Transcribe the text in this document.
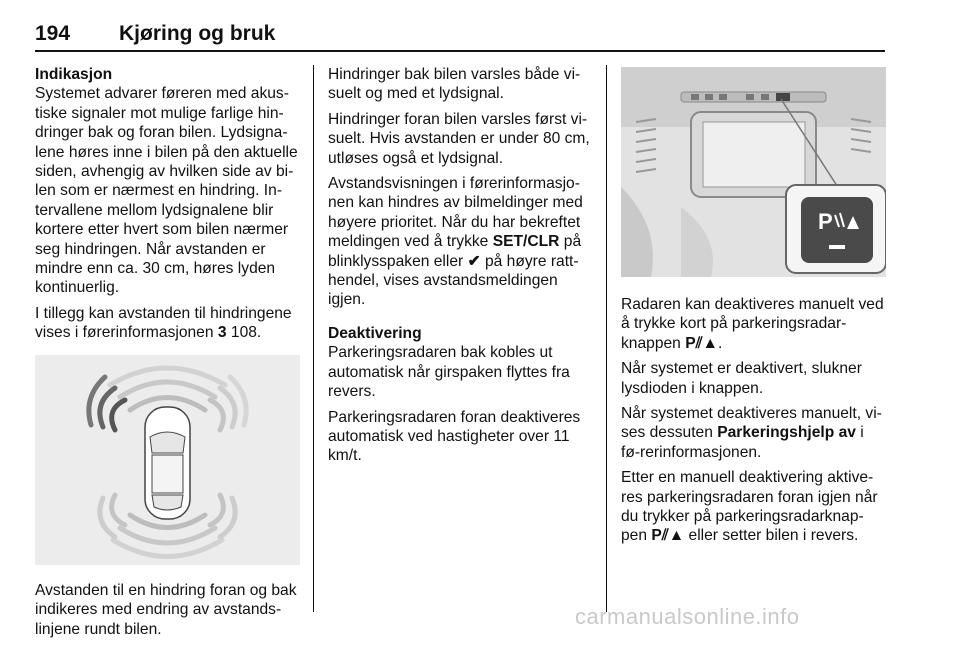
194 Kjøring og bruk

Indikasjon

Systemet advarer føreren med akus-tiske signaler mot mulige farlige hin-dringer bak og foran bilen. Lydsigna-lene høres inne i bilen på den aktuelle siden, avhengig av hvilken side av bi-len som er nærmest en hindring. In-tervallene mellom lydsignalene blir kortere etter hvert som bilen nærmer seg hindringen. Når avstanden er mindre enn ca. 30 cm, høres lyden kontinuerlig.

I tillegg kan avstanden til hindringene vises i førerinformasjonen 3 108.

Avstanden til en hindring foran og bak indikeres med endring av avstands-linjene rundt bilen.

Hindringer bak bilen varsles både vi-suelt og med et lydsignal.

Hindringer foran bilen varsles først vi-suelt. Hvis avstanden er under 80 cm, utløses også et lydsignal.

Avstandsvisningen i førerinformasjo-nen kan hindres av bilmeldinger med høyere prioritet. Når du har bekreftet meldingen ved å trykke SET/CLR på blinklysspaken eller ✔ på høyre ratt-hendel, vises avstandsmeldingen igjen.

Deaktivering

Parkeringsradaren bak kobles ut automatisk når girspaken flyttes fra revers.

Parkeringsradaren foran deaktiveres automatisk ved hastigheter over 11 km/t.

P

Radaren kan deaktiveres manuelt ved å trykke kort på parkeringsradar-knappen P⫽▲.

Når systemet er deaktivert, slukner lysdioden i knappen.

Når systemet deaktiveres manuelt, vi-ses dessuten Parkeringshjelp av i fø-rerinformasjonen.

Etter en manuell deaktivering aktive-res parkeringsradaren foran igjen når du trykker på parkeringsradarknap-pen P⫽▲ eller setter bilen i revers.

carmanualsonline.info
